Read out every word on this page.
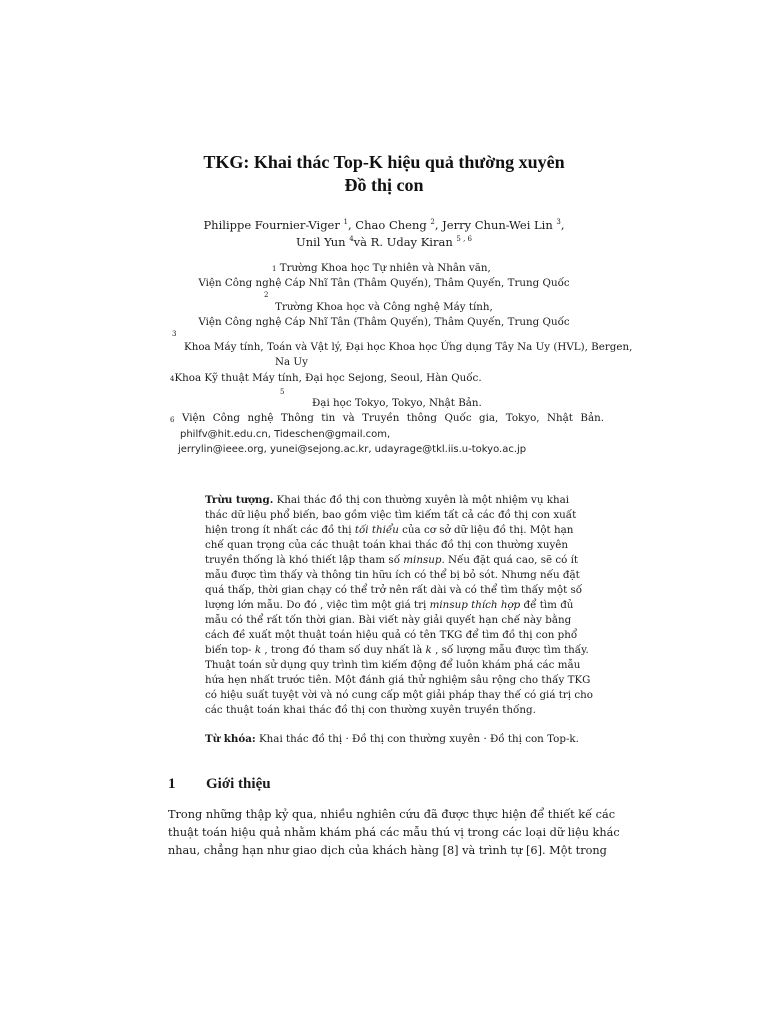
TKG: Khai thác Top-K hiệu quả thường xuyên
Đồ thị con
Philippe Fournier-Viger $^1$, Chao Cheng $^2$, Jerry Chun-Wei Lin $^3$,
Unil Yun $^4$và R. Uday Kiran $^{5 , 6}$
1 Trường Khoa học Tự nhiên và Nhân văn,
Viện Công nghệ Cáp Nhĩ Tân (Thâm Quyến), Thâm Quyến, Trung Quốc
2
Trường Khoa học và Công nghệ Máy tính,
Viện Công nghệ Cáp Nhĩ Tân (Thâm Quyến), Thâm Quyến, Trung Quốc
3
Khoa Máy tính, Toán và Vật lý, Đại học Khoa học Ứng dụng Tây Na Uy (HVL), Bergen,
Na Uy
4Khoa Kỹ thuật Máy tính, Đại học Sejong, Seoul, Hàn Quốc.
5
Đại học Tokyo, Tokyo, Nhật Bản.
6 Viện Công nghệ Thông tin và Truyền thông Quốc gia, Tokyo, Nhật Bản.
philfv@hit.edu.cn, Tideschen@gmail.com,
jerrylin@ieee.org, yunei@sejong.ac.kr, udayrage@tkl.iis.u-tokyo.ac.jp
Trừu tượng. Khai thác đồ thị con thường xuyên là một nhiệm vụ khai
thác dữ liệu phổ biến, bao gồm việc tìm kiếm tất cả các đồ thị con xuất
hiện trong ít nhất các đồ thị tối thiểu của cơ sở dữ liệu đồ thị. Một hạn
chế quan trọng của các thuật toán khai thác đồ thị con thường xuyên
truyền thống là khó thiết lập tham số minsup. Nếu đặt quá cao, sẽ có ít
mẫu được tìm thấy và thông tin hữu ích có thể bị bỏ sót. Nhưng nếu đặt
quá thấp, thời gian chạy có thể trở nên rất dài và có thể tìm thấy một số
lượng lớn mẫu. Do đó , việc tìm một giá trị minsup thích hợp để tìm đủ
mẫu có thể rất tốn thời gian. Bài viết này giải quyết hạn chế này bằng
cách đề xuất một thuật toán hiệu quả có tên TKG để tìm đồ thị con phổ
biến top- k , trong đó tham số duy nhất là k , số lượng mẫu được tìm thấy.
Thuật toán sử dụng quy trình tìm kiếm động để luôn khám phá các mẫu
hứa hẹn nhất trước tiên. Một đánh giá thử nghiệm sâu rộng cho thấy TKG
có hiệu suất tuyệt vời và nó cung cấp một giải pháp thay thế có giá trị cho
các thuật toán khai thác đồ thị con thường xuyên truyền thống.
Từ khóa: Khai thác đồ thị · Đồ thị con thường xuyên · Đồ thị con Top-k.
1 Giới thiệu
Trong những thập kỷ qua, nhiều nghiên cứu đã được thực hiện để thiết kế các
thuật toán hiệu quả nhằm khám phá các mẫu thú vị trong các loại dữ liệu khác
nhau, chẳng hạn như giao dịch của khách hàng [8] và trình tự [6]. Một trong
